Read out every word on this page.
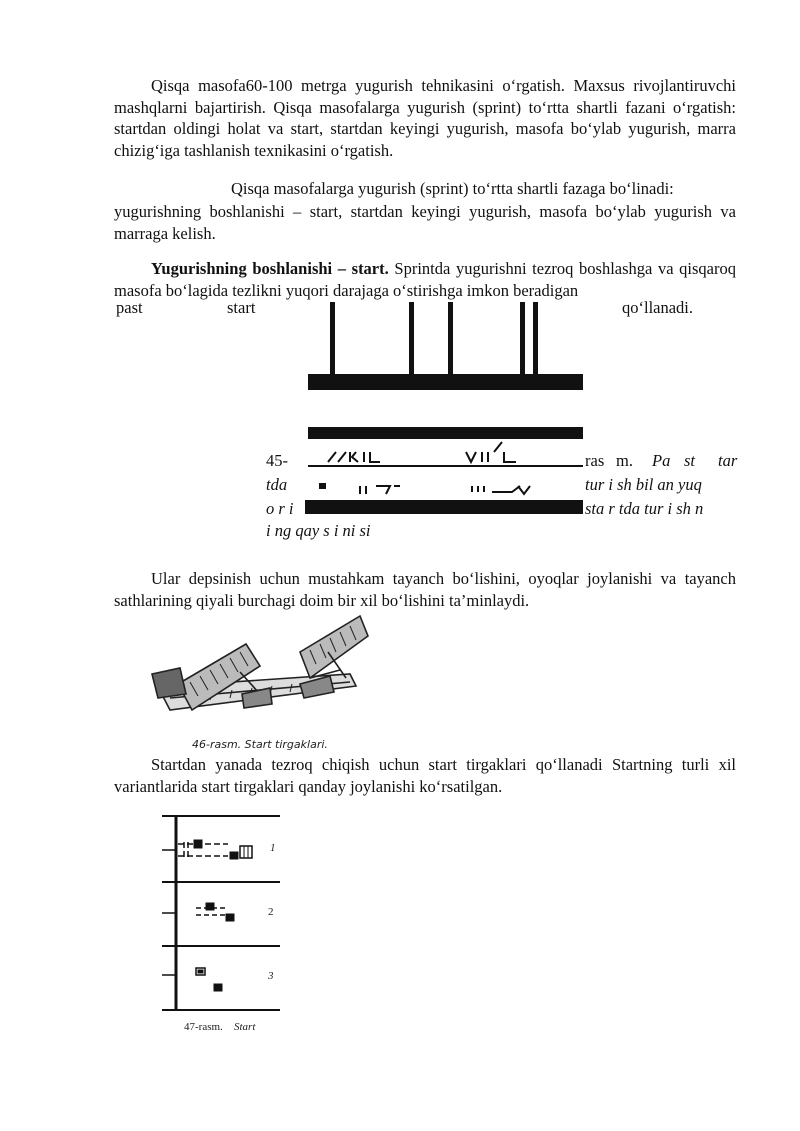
Qisqa masofa60-100 metrga yugurish tehnikasini o‘rgatish. Maxsus rivojlantiruvchi mashqlarni bajartirish. Qisqa masofalarga yugurish (sprint) to‘rtta shartli fazani o‘rgatish: startdan oldingi holat va start, startdan keyingi yugurish, masofa bo‘ylab yugurish, marra chizig‘iga tashlanish texnikasini o‘rgatish.

Qisqa masofalarga yugurish (sprint) to‘rtta shartli fazaga bo‘linadi:

yugurishning boshlanishi – start, startdan keyingi yugurish, masofa bo‘ylab yugurish va marraga kelish.

Yugurishning boshlanishi – start. Sprintda yugurishni tezroq boshlashga va qisqaroq masofa bo‘lagida tezlikni yuqori darajaga o‘stirishga imkon beradigan

past	start	qo‘llanadi.
45-	ras m. Pa st tar
tda	tur i sh bil an yuq
o r i	sta r tda tur i sh n
i ng qay s i ni si

Ular depsinish uchun mustahkam tayanch bo‘lishini, oyoqlar joylanishi va tayanch sathlarining qiyali burchagi doim bir xil bo‘lishini ta’minlaydi.

46-rasm. Start tirgaklari.

Startdan yanada tezroq chiqish uchun start tirgaklari qo‘llanadi Startning turli xil variantlarida start tirgaklari qanday joylanishi ko‘rsatilgan.

1
2
3
47-rasm. Start
